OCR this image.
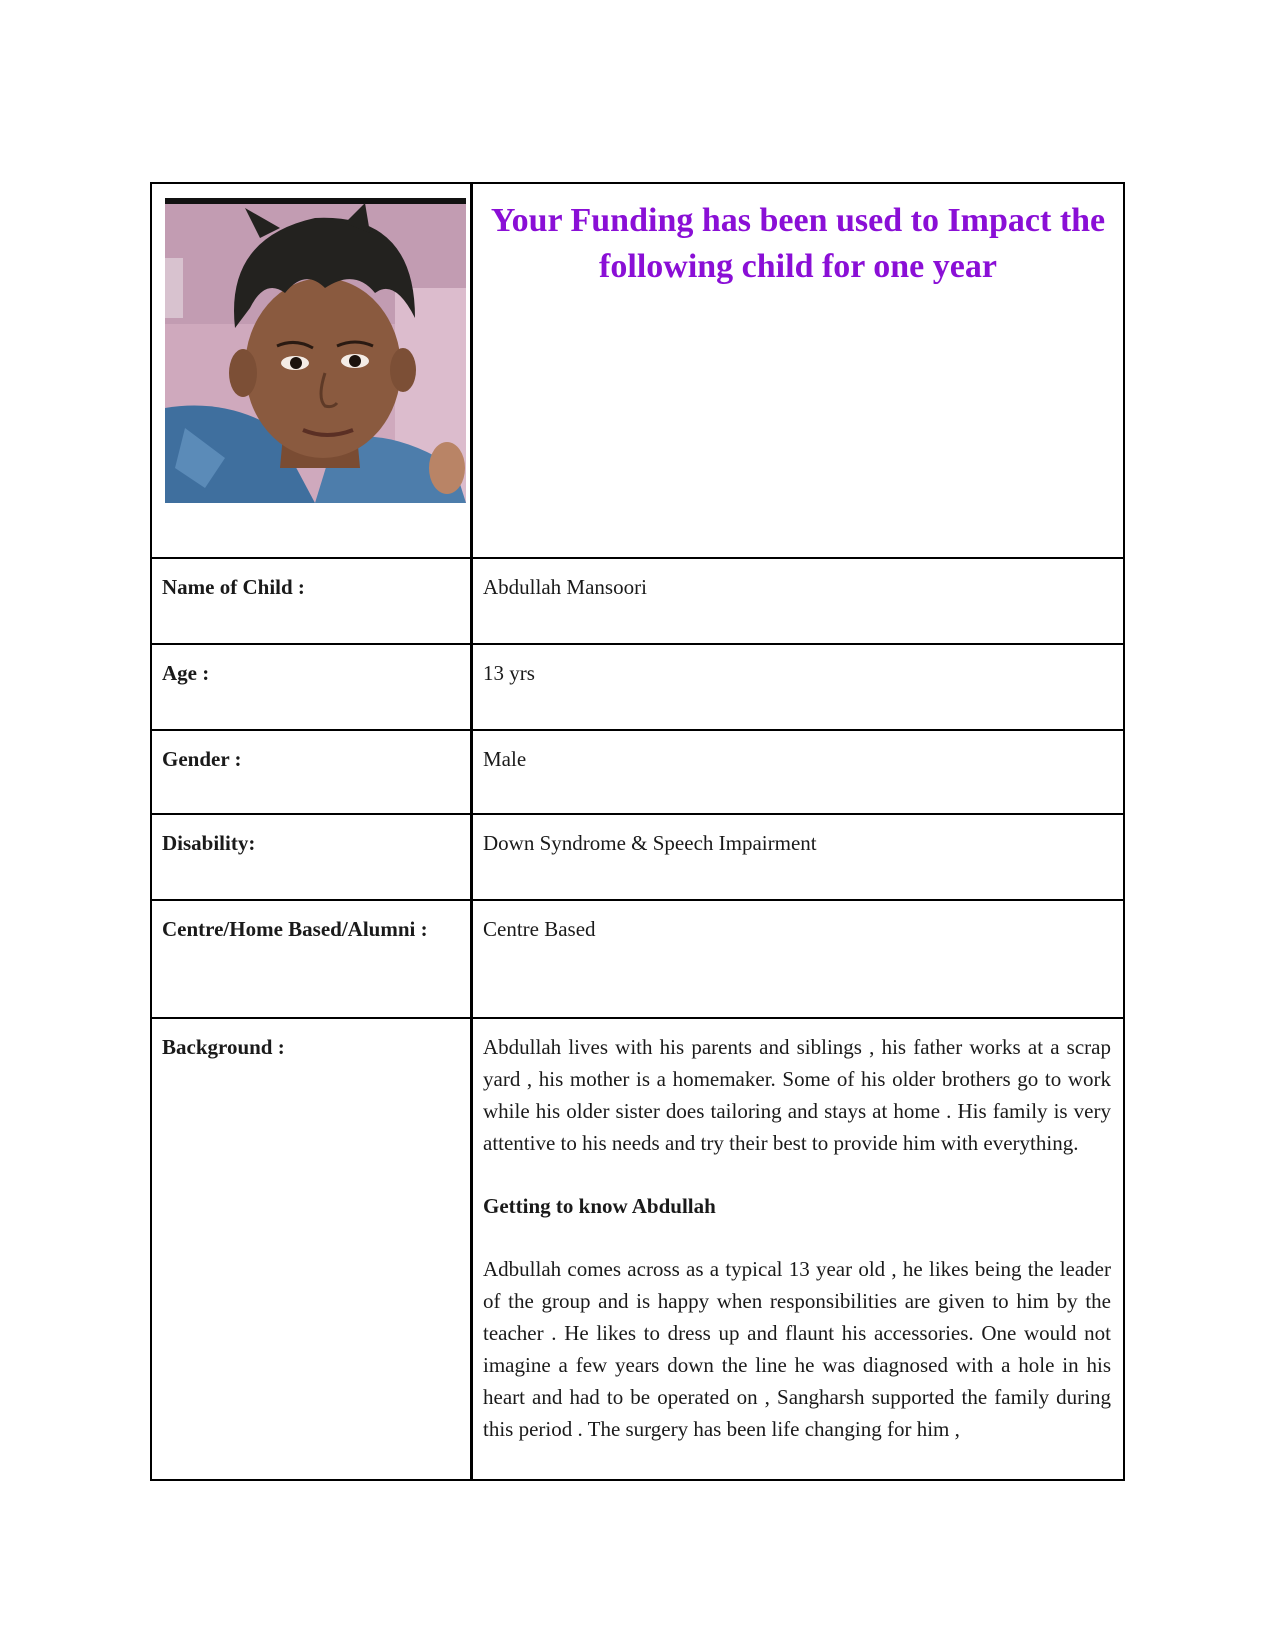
Your Funding has been used to Impact the following child for one year
Name of Child :	Abdullah Mansoori
Age :	13 yrs
Gender :	Male
Disability:	Down Syndrome & Speech Impairment
Centre/Home Based/Alumni :	Centre Based
Background :	Abdullah lives with his parents and siblings , his father works at a scrap yard , his mother is a homemaker. Some of his older brothers go to work while his older sister does tailoring and stays at home . His family is very attentive to his needs and try their best to provide him with everything.

Getting to know Abdullah

Adbullah comes across as a typical 13 year old , he likes being the leader of the group and is happy when responsibilities are given to him by the teacher . He likes to dress up and flaunt his accessories. One would not imagine a few years down the line he was diagnosed with a hole in his heart and had to be operated on , Sangharsh supported the family during this period . The surgery has been life changing for him ,
